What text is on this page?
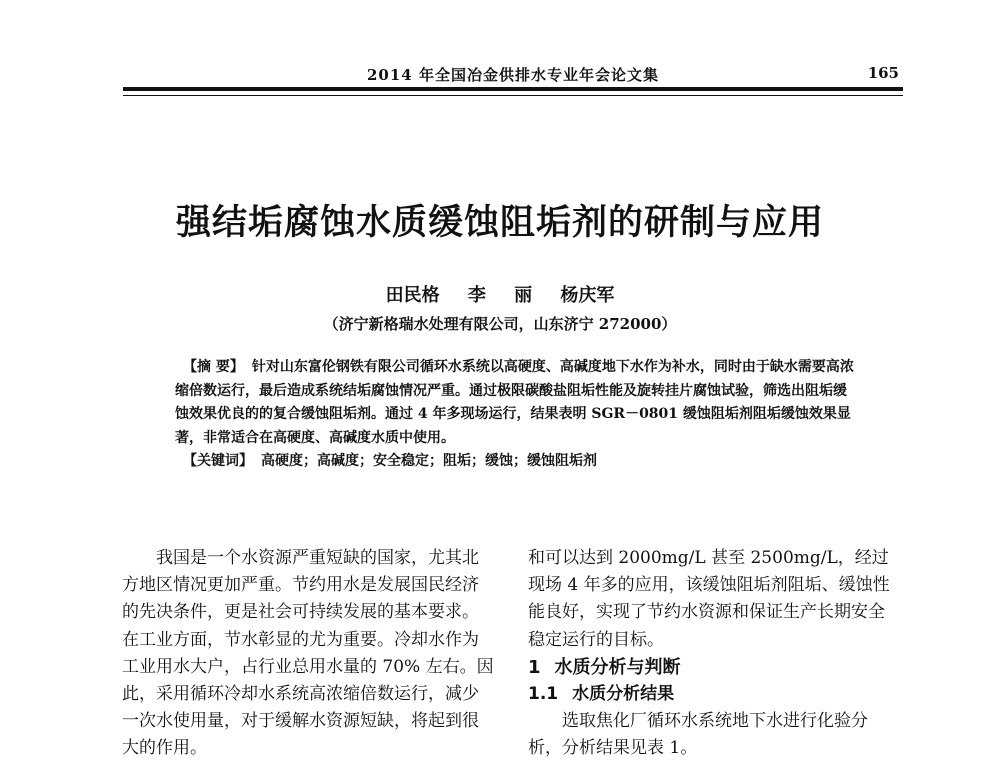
2014 年全国冶金供排水专业年会论文集	165
强结垢腐蚀水质缓蚀阻垢剂的研制与应用
田民格 李 丽 杨庆军
（济宁新格瑞水处理有限公司，山东济宁 272000）

【摘 要】 针对山东富伦钢铁有限公司循环水系统以高硬度、高碱度地下水作为补水，同时由于缺水需要高浓缩倍数运行，最后造成系统结垢腐蚀情况严重。通过极限碳酸盐阻垢性能及旋转挂片腐蚀试验，筛选出阻垢缓蚀效果优良的的复合缓蚀阻垢剂。通过 4 年多现场运行，结果表明 SGR－0801 缓蚀阻垢剂阻垢缓蚀效果显著，非常适合在高硬度、高碱度水质中使用。

【关键词】 高硬度；高碱度；安全稳定；阻垢；缓蚀；缓蚀阻垢剂

我国是一个水资源严重短缺的国家，尤其北方地区情况更加严重。节约用水是发展国民经济的先决条件，更是社会可持续发展的基本要求。在工业方面，节水彰显的尤为重要。冷却水作为工业用水大户，占行业总用水量的 70% 左右。因此，采用循环冷却水系统高浓缩倍数运行，减少一次水使用量，对于缓解水资源短缺，将起到很大的作用。

和可以达到 2000mg/L 甚至 2500mg/L，经过现场 4 年多的应用，该缓蚀阻垢剂阻垢、缓蚀性能良好，实现了节约水资源和保证生产长期安全稳定运行的目标。

1 水质分析与判断

1.1 水质分析结果

选取焦化厂循环水系统地下水进行化验分析，分析结果见表 1。
